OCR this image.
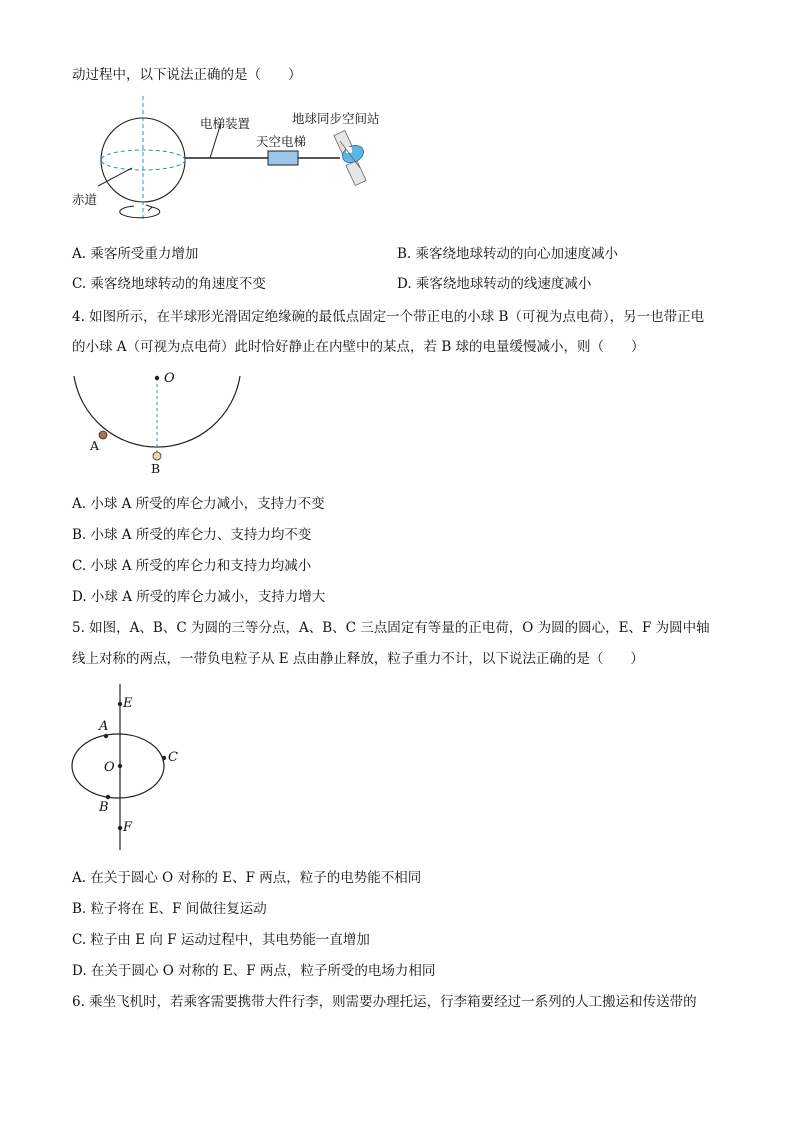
动过程中，以下说法正确的是（　　）
电梯装置	地球同步空间站
天空电梯
赤道
A. 乘客所受重力增加	B. 乘客绕地球转动的向心加速度减小
C. 乘客绕地球转动的角速度不变	D. 乘客绕地球转动的线速度减小
4. 如图所示，在半球形光滑固定绝缘碗的最低点固定一个带正电的小球 B（可视为点电荷），另一也带正电
的小球 A（可视为点电荷）此时恰好静止在内壁中的某点，若 B 球的电量缓慢减小，则（　　）
O
A
B
A. 小球 A 所受的库仑力减小，支持力不变
B. 小球 A 所受的库仑力、支持力均不变
C. 小球 A 所受的库仑力和支持力均减小
D. 小球 A 所受的库仑力减小，支持力增大
5. 如图，A、B、C 为圆的三等分点，A、B、C 三点固定有等量的正电荷，O 为圆的圆心，E、F 为圆中轴
线上对称的两点，一带负电粒子从 E 点由静止释放，粒子重力不计，以下说法正确的是（　　）
E
A
C
O
B
F
A. 在关于圆心 O 对称的 E、F 两点，粒子的电势能不相同
B. 粒子将在 E、F 间做往复运动
C. 粒子由 E 向 F 运动过程中，其电势能一直增加
D. 在关于圆心 O 对称的 E、F 两点，粒子所受的电场力相同
6. 乘坐飞机时，若乘客需要携带大件行李，则需要办理托运，行李箱要经过一系列的人工搬运和传送带的
